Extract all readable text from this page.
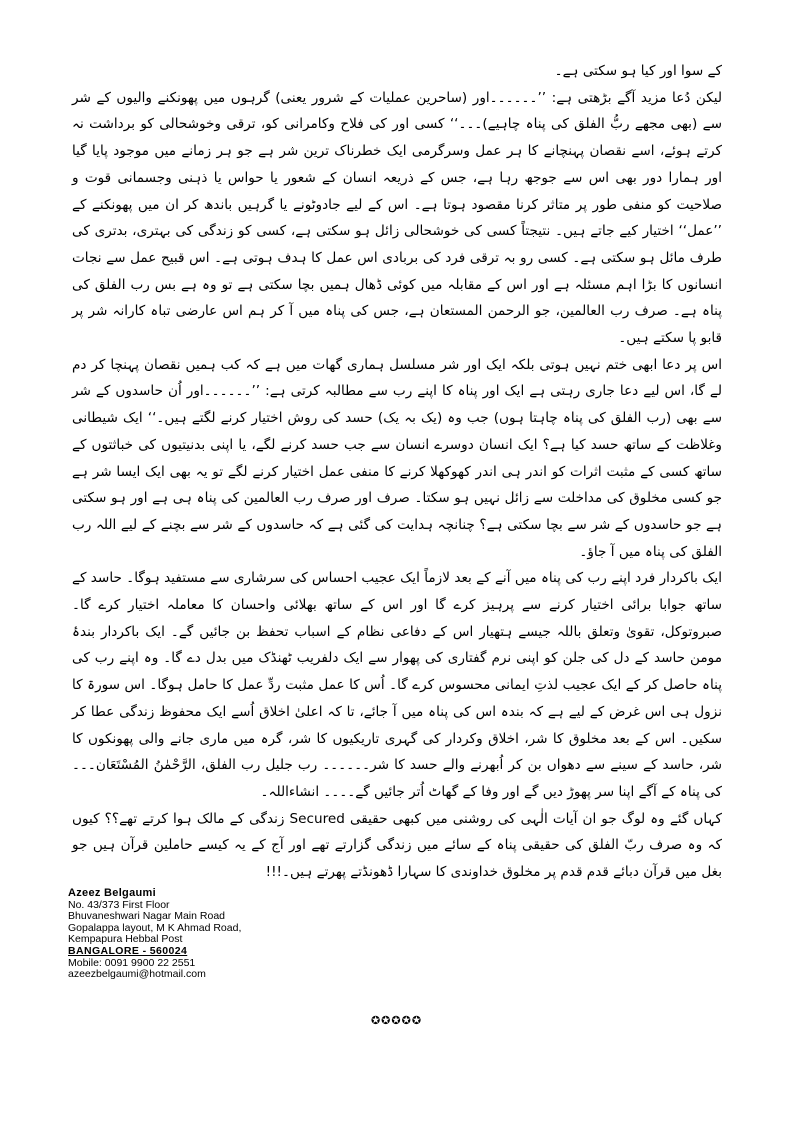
کے سوا اور کیا ہو سکتی ہے۔

لیکن دُعا مزید آگے بڑھتی ہے: ’’۔۔۔۔۔۔اور (ساحرین عملیات کے شرور یعنی) گرہوں میں پھونکنے والیوں کے شر سے (بھی مجھے ربُّ الفلق کی پناہ چاہیے)۔۔۔‘‘ کسی اور کی فلاح وکامرانی کو، ترقی وخوشحالی کو برداشت نہ کرتے ہوئے، اسے نقصان پہنچانے کا ہر عمل وسرگرمی ایک خطرناک ترین شر ہے جو ہر زمانے میں موجود پایا گیا اور ہمارا دور بھی اس سے جوجھ رہا ہے، جس کے ذریعہ انسان کے شعور یا حواس یا ذہنی وجسمانی قوت و صلاحیت کو منفی طور پر متاثر کرنا مقصود ہوتا ہے۔ اس کے لیے جادوٹونے یا گرہیں باندھ کر ان میں پھونکنے کے ’’عمل‘‘ اختیار کیے جاتے ہیں۔ نتیجتاً کسی کی خوشحالی زائل ہو سکتی ہے، کسی کو زندگی کی بہتری، بدتری کی طرف مائل ہو سکتی ہے۔ کسی رو بہ ترقی فرد کی بربادی اس عمل کا ہدف ہوتی ہے۔ اس قبیح عمل سے نجات انسانوں کا بڑا اہم مسئلہ ہے اور اس کے مقابلہ میں کوئی ڈھال ہمیں بچا سکتی ہے تو وہ ہے بس رب الفلق کی پناہ ہے۔ صرف رب العالمین، جو الرحمن المستعان ہے، جس کی پناہ میں آ کر ہم اس عارضی تباہ کارانہ شر پر قابو پا سکتے ہیں۔

اس پر دعا ابھی ختم نہیں ہوتی بلکہ ایک اور شر مسلسل ہماری گھات میں ہے کہ کب ہمیں نقصان پہنچا کر دم لے گا، اس لیے دعا جاری رہتی ہے ایک اور پناہ کا اپنے رب سے مطالبہ کرتی ہے: ’’۔۔۔۔۔۔اور اُن حاسدوں کے شر سے بھی (رب الفلق کی پناہ چاہتا ہوں) جب وہ (یک بہ یک) حسد کی روش اختیار کرنے لگتے ہیں۔‘‘ ایک شیطانی وغلاظت کے ساتھ حسد کیا ہے؟ ایک انسان دوسرے انسان سے جب حسد کرنے لگے، یا اپنی بدنیتیوں کی خباثتوں کے ساتھ کسی کے مثبت اثرات کو اندر ہی اندر کھوکھلا کرنے کا منفی عمل اختیار کرنے لگے تو یہ بھی ایک ایسا شر ہے جو کسی مخلوق کی مداخلت سے زائل نہیں ہو سکتا۔ صرف اور صرف رب العالمین کی پناہ ہی ہے اور ہو سکتی ہے جو حاسدوں کے شر سے بچا سکتی ہے؟ چنانچہ ہدایت کی گئی ہے کہ حاسدوں کے شر سے بچنے کے لیے اللہ رب الفلق کی پناہ میں آ جاؤ۔

ایک باکردار فرد اپنے رب کی پناہ میں آنے کے بعد لازماً ایک عجیب احساس کی سرشاری سے مستفید ہوگا۔ حاسد کے ساتھ جوابا برائی اختیار کرنے سے پرہیز کرے گا اور اس کے ساتھ بھلائی واحسان کا معاملہ اختیار کرے گا۔ صبروتوکل، تقویٰ وتعلق باللہ جیسے ہتھیار اس کے دفاعی نظام کے اسباب تحفظ بن جائیں گے۔ ایک باکردار بندۂ مومن حاسد کے دل کی جلن کو اپنی نرم گفتاری کی پھوار سے ایک دلفریب ٹھنڈک میں بدل دے گا۔ وہ اپنے رب کی پناہ حاصل کر کے ایک عجیب لذتِ ایمانی محسوس کرے گا۔ اُس کا عمل مثبت ردِّ عمل کا حامل ہوگا۔ اس سورۃ کا نزول ہی اس غرض کے لیے ہے کہ بندہ اس کی پناہ میں آ جائے، تا کہ اعلیٰ اخلاق اُسے ایک محفوظ زندگی عطا کر سکیں۔ اس کے بعد مخلوق کا شر، اخلاق وکردار کی گہری تاریکیوں کا شر، گرہ میں ماری جانے والی پھونکوں کا شر، حاسد کے سینے سے دھواں بن کر اُبھرنے والے حسد کا شر۔۔۔۔۔۔ رب جلیل رب الفلق، الرَّحْمٰنُ المُسْتَعَان۔۔۔ کی پناہ کے آگے اپنا سر پھوڑ دیں گے اور وفا کے گھاٹ اُتر جائیں گے۔۔۔۔ انشاءاللہ۔

کہاں گئے وہ لوگ جو ان آیات الٰہی کی روشنی میں کبھی حقیقی Secured زندگی کے مالک ہوا کرتے تھے؟؟ کیوں کہ وہ صرف ربّ الفلق کی حقیقی پناہ کے سائے میں زندگی گزارتے تھے اور آج کے یہ کیسے حاملین قرآن ہیں جو بغل میں قرآن دبائے قدم قدم پر مخلوق خداوندی کا سہارا ڈھونڈتے پھرتے ہیں۔!!!

Azeez Belgaumi

No. 43/373 First Floor

Bhuvaneshwari Nagar Main Road

Gopalappa layout, M K Ahmad Road,

Kempapura Hebbal Post

BANGALORE - 560024

Mobile: 0091 9900 22 2551

azeezbelgaumi@hotmail.com

✪✪✪✪✪
